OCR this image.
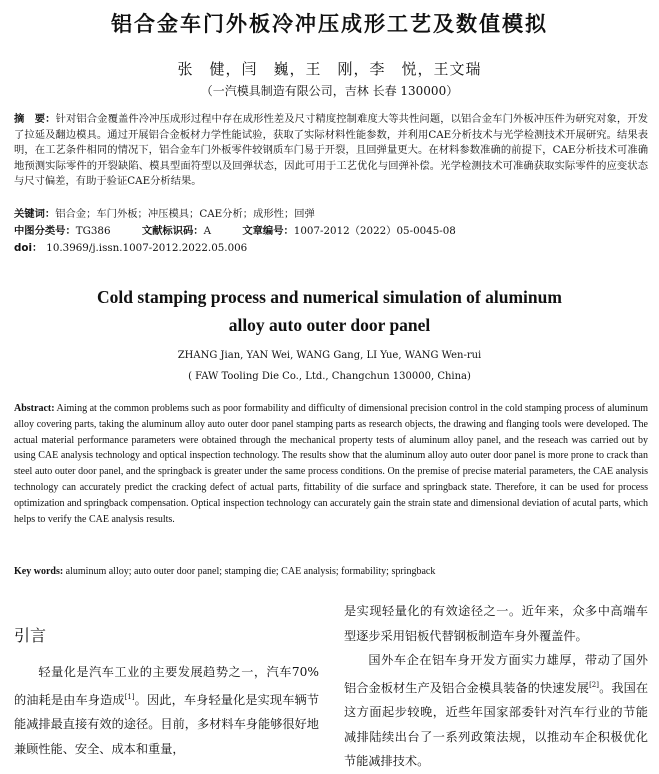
铝合金车门外板冷冲压成形工艺及数值模拟
张　健，闫　巍，王　刚，李　悦，王文瑞
（一汽模具制造有限公司，吉林 长春 130000）
摘　要：针对铝合金覆盖件冷冲压成形过程中存在成形性差及尺寸精度控制难度大等共性问题，以铝合金车门外板冲压件为研究对象，开发了拉延及翻边模具。通过开展铝合金板材力学性能试验，获取了实际材料性能参数，并利用CAE分析技术与光学检测技术开展研究。结果表明，在工艺条件相同的情况下，铝合金车门外板零件较钢质车门易于开裂，且回弹量更大。在材料参数准确的前提下，CAE分析技术可准确地预测实际零件的开裂缺陷、模具型面符型以及回弹状态，因此可用于工艺优化与回弹补偿。光学检测技术可准确获取实际零件的应变状态与尺寸偏差，有助于验证CAE分析结果。
关键词：铝合金；车门外板；冲压模具；CAE分析；成形性；回弹
中图分类号：TG386	文献标识码：A	文章编号：1007-2012（2022）05-0045-08
doi： 10.3969/j.issn.1007-2012.2022.05.006
Cold stamping process and numerical simulation of aluminum
alloy auto outer door panel
ZHANG Jian, YAN Wei, WANG Gang, LI Yue, WANG Wen-rui
( FAW Tooling Die Co., Ltd., Changchun 130000, China)
Abstract: Aiming at the common problems such as poor formability and difficulty of dimensional precision control in the cold stamping process of aluminum alloy covering parts, taking the aluminum alloy auto outer door panel stamping parts as research objects, the drawing and flanging tools were developed. The actual material performance parameters were obtained through the mechanical property tests of aluminum alloy panel, and the reseach was carried out by using CAE analysis technology and optical inspection technology. The results show that the aluminum alloy auto outer door panel is more prone to crack than steel auto outer door panel, and the springback is greater under the same process conditions. On the premise of precise material parameters, the CAE analysis technology can accurately predict the cracking defect of actual parts, fittability of die surface and springback state. Therefore, it can be used for process optimization and springback compensation. Optical inspection technology can accurately gain the strain state and dimensional deviation of acutal parts, which helps to verify the CAE analysis results.
Key words: aluminum alloy; auto outer door panel; stamping die; CAE analysis; formability; springback
引言
轻量化是汽车工业的主要发展趋势之一，汽车70%的油耗是由车身造成[1]。因此，车身轻量化是实现车辆节能减排最直接有效的途径。目前，多材料车身能够很好地兼顾性能、安全、成本和重量，
是实现轻量化的有效途径之一。近年来，众多中高端车型逐步采用铝板代替钢板制造车身外覆盖件。
国外车企在铝车身开发方面实力雄厚，带动了国外铝合金板材生产及铝合金模具装备的快速发展[2]。我国在这方面起步较晚，近些年国家部委针对汽车行业的节能减排陆续出台了一系列政策法规，以推动车企积极优化节能减排技术。
